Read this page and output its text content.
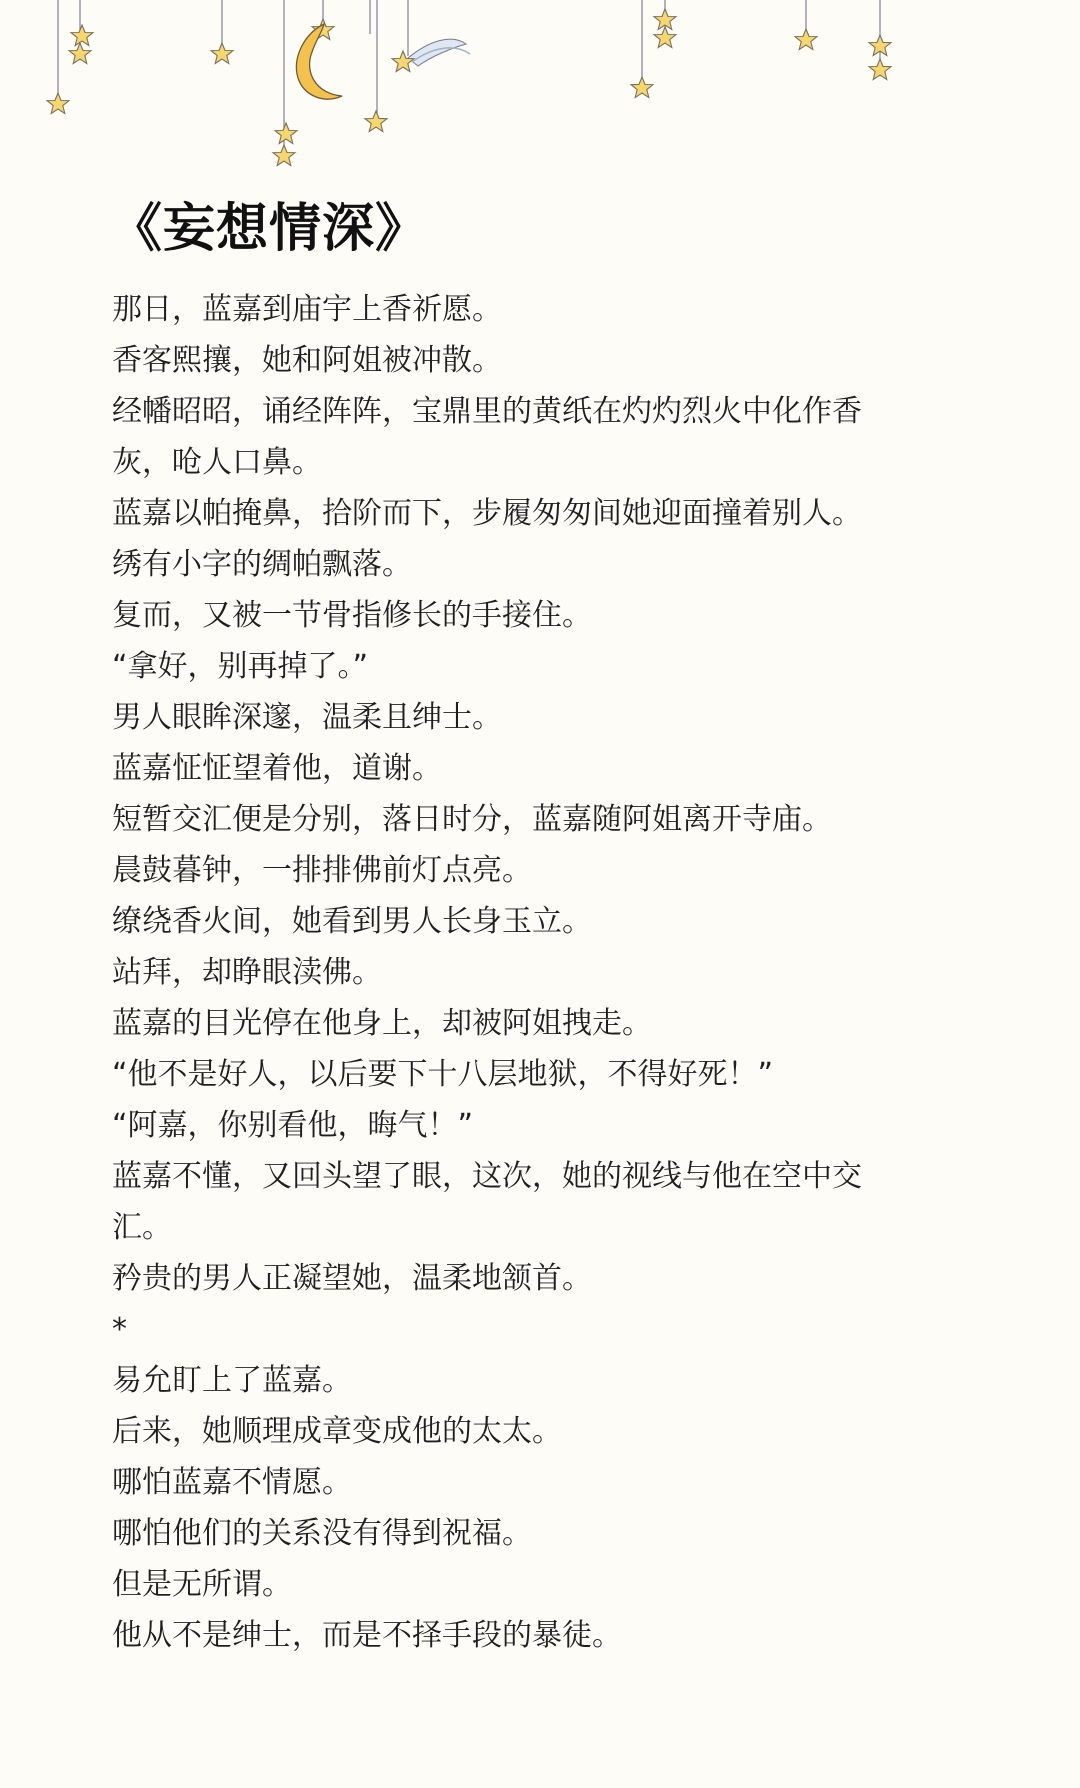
《妄想情深》
那日，蓝嘉到庙宇上香祈愿。
香客熙攘，她和阿姐被冲散。
经幡昭昭，诵经阵阵，宝鼎里的黄纸在灼灼烈火中化作香
灰，呛人口鼻。
蓝嘉以帕掩鼻，拾阶而下，步履匆匆间她迎面撞着别人。
绣有小字的绸帕飘落。
复而，又被一节骨指修长的手接住。
“拿好，别再掉了。”
男人眼眸深邃，温柔且绅士。
蓝嘉怔怔望着他，道谢。
短暂交汇便是分别，落日时分，蓝嘉随阿姐离开寺庙。
晨鼓暮钟，一排排佛前灯点亮。
缭绕香火间，她看到男人长身玉立。
站拜，却睁眼渎佛。
蓝嘉的目光停在他身上，却被阿姐拽走。
“他不是好人，以后要下十八层地狱，不得好死！”
“阿嘉，你别看他，晦气！”
蓝嘉不懂，又回头望了眼，这次，她的视线与他在空中交
汇。
矜贵的男人正凝望她，温柔地颔首。
*
易允盯上了蓝嘉。
后来，她顺理成章变成他的太太。
哪怕蓝嘉不情愿。
哪怕他们的关系没有得到祝福。
但是无所谓。
他从不是绅士，而是不择手段的暴徒。
